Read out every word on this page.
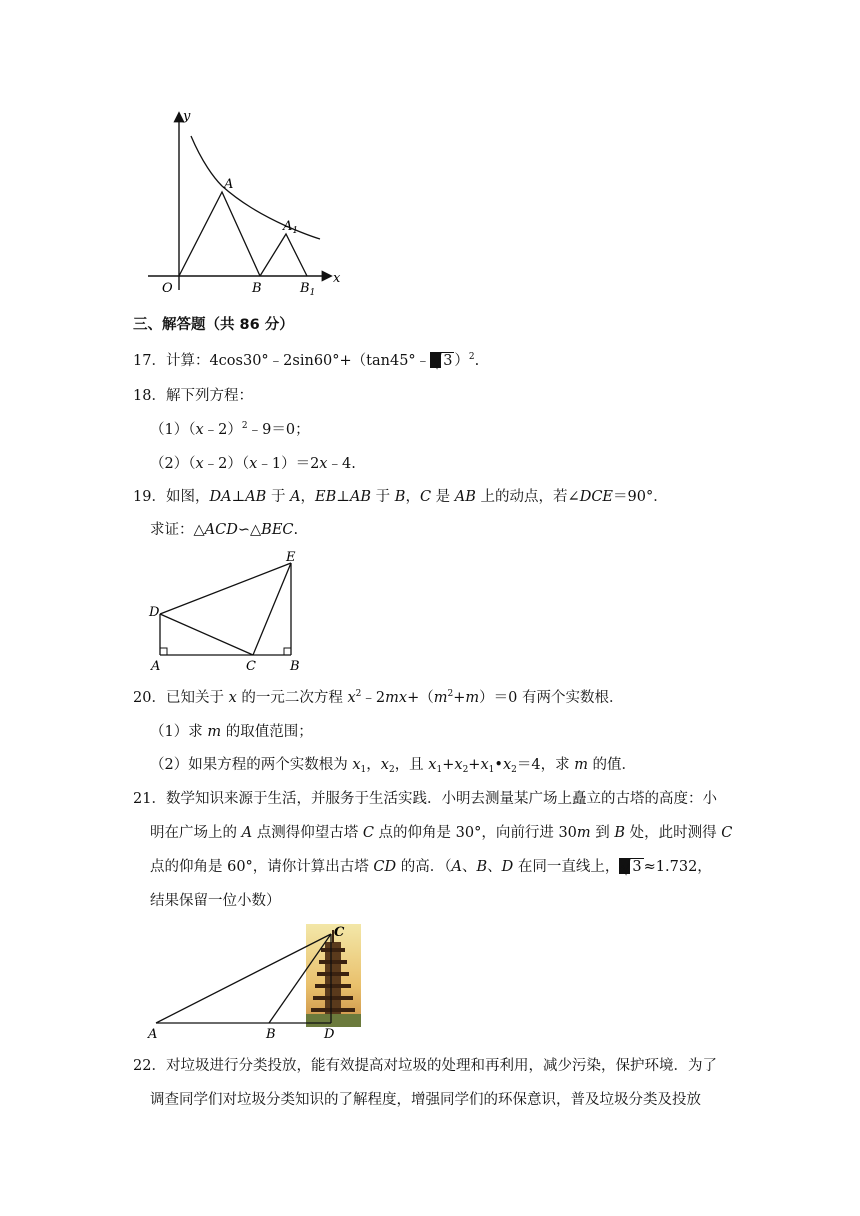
y
x
O
A
$A_1$
B	$B_1$
三、解答题（共 86 分）
17．计算：4cos30°﹣2sin60°+（tan45°﹣ 3 ）$^2$.
18．解下列方程：
（1）（x﹣2）$^2$﹣9＝0；
（2）（x﹣2）（x﹣1）＝2x﹣4.
19．如图，DA⊥AB 于 A，EB⊥AB 于 B，C 是 AB 上的动点，若∠DCE＝90°．
求证：△ACD∽△BEC.
D
E
A	C	B
20．已知关于 x 的一元二次方程 $x^2﹣2mx+(m^2+m)=0$ 有两个实数根．
（1）求 m 的取值范围；
（2）如果方程的两个实数根为 $x_1$，$x_2$，且 $x_1+x_2+x_1•x_2=4$，求 m 的值．
21．数学知识来源于生活，并服务于生活实践．小明去测量某广场上矗立的古塔的高度：小
明在广场上的 A 点测得仰望古塔 C 点的仰角是 30°，向前行进 30m 到 B 处，此时测得 C
点的仰角是 60°，请你计算出古塔 CD 的高．（A、B、D 在同一直线上， 3 ≈1.732，
结果保留一位小数）
C
A	B	D
22．对垃圾进行分类投放，能有效提高对垃圾的处理和再利用，减少污染，保护环境．为了
调查同学们对垃圾分类知识的了解程度，增强同学们的环保意识，普及垃圾分类及投放
